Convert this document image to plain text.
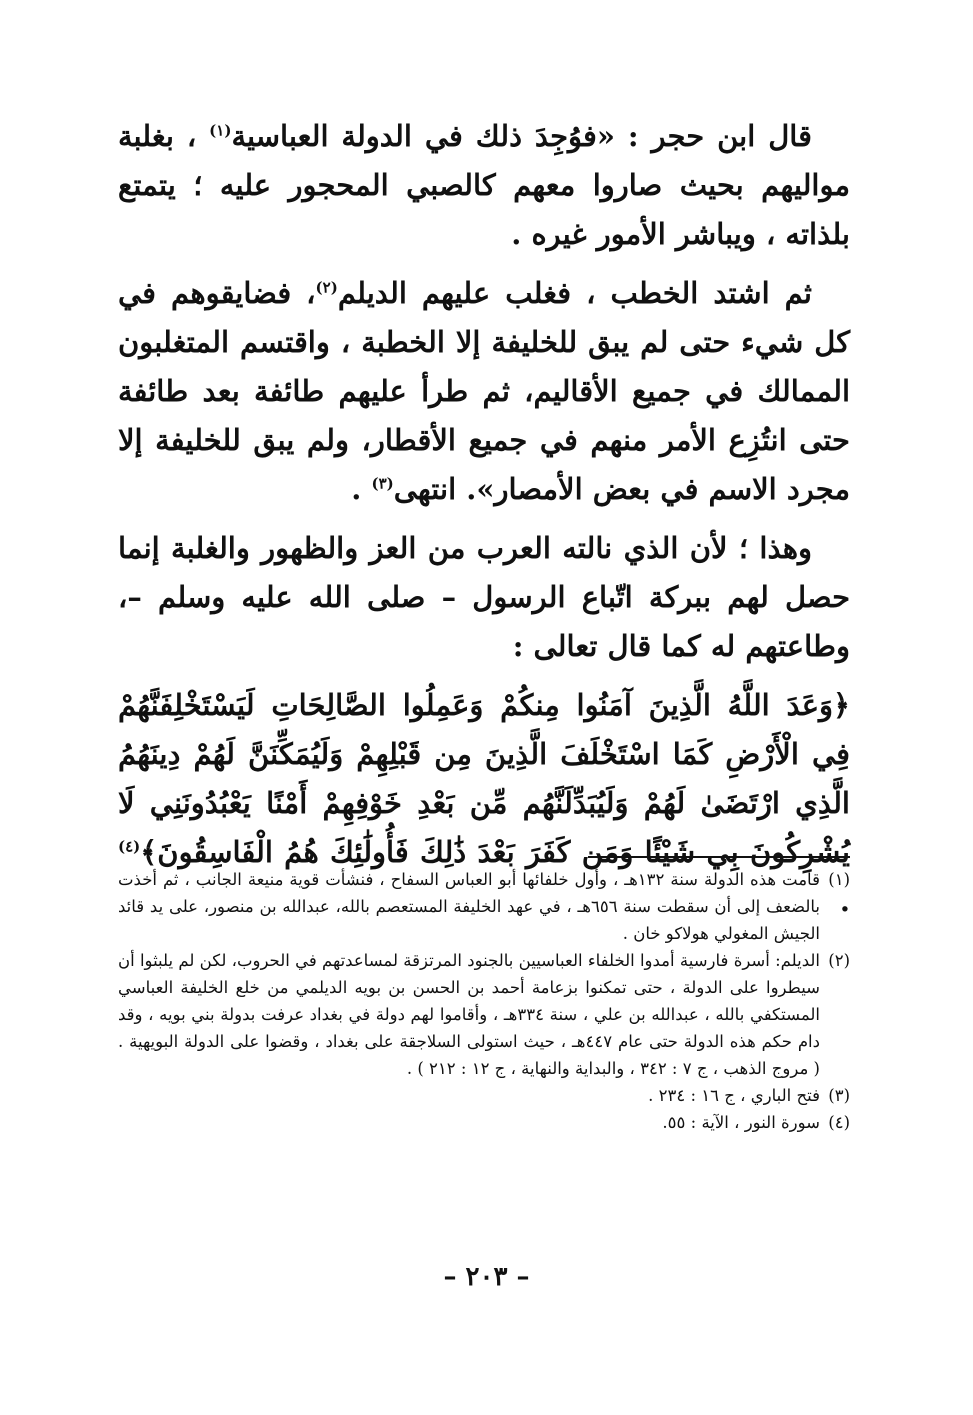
قال ابن حجر : «فوُجِدَ ذلك في الدولة العباسية$^{(١)}$ ، بغلبة مواليهم بحيث صاروا معهم كالصبي المحجور عليه ؛ يتمتع بلذاته ، ويباشر الأمور غيره .

ثم اشتد الخطب ، فغلب عليهم الديلم$^{(٢)}$، فضايقوهم في كل شيء حتى لم يبق للخليفة إلا الخطبة ، واقتسم المتغلبون الممالك في جميع الأقاليم، ثم طرأ عليهم طائفة بعد طائفة حتى انتُزِع الأمر منهم في جميع الأقطار، ولم يبق للخليفة إلا مجرد الاسم في بعض الأمصار». انتهى$^{(٣)}$ .

وهذا ؛ لأن الذي نالته العرب من العز والظهور والغلبة إنما حصل لهم ببركة اتّباع الرسول – صلى الله عليه وسلم –، وطاعتهم له كما قال تعالى :

﴿وَعَدَ اللَّهُ الَّذِينَ آمَنُوا مِنكُمْ وَعَمِلُوا الصَّالِحَاتِ لَيَسْتَخْلِفَنَّهُمْ فِي الْأَرْضِ كَمَا اسْتَخْلَفَ الَّذِينَ مِن قَبْلِهِمْ وَلَيُمَكِّنَنَّ لَهُمْ دِينَهُمُ الَّذِي ارْتَضَىٰ لَهُمْ وَلَيُبَدِّلَنَّهُم مِّن بَعْدِ خَوْفِهِمْ أَمْنًا يَعْبُدُونَنِي لَا يُشْرِكُونَ بِي شَيْئًا وَمَن كَفَرَ بَعْدَ ذَٰلِكَ فَأُولَٰئِكَ هُمُ الْفَاسِقُونَ﴾$^{(٤)}$ .

(١)
قامت هذه الدولة سنة ١٣٢هـ ، وأول خلفائها أبو العباس السفاح ، فنشأت قوية منيعة الجانب ، ثم أخذت بالضعف إلى أن سقطت سنة ٦٥٦هـ ، في عهد الخليفة المستعصم بالله، عبدالله بن منصور، على يد قائد الجيش المغولي هولاكو خان .

(٢)
الديلم: أسرة فارسية أمدوا الخلفاء العباسيين بالجنود المرتزقة لمساعدتهم في الحروب، لكن لم يلبثوا أن سيطروا على الدولة ، حتى تمكنوا بزعامة أحمد بن الحسن بن بويه الديلمي من خلع الخليفة العباسي المستكفي بالله ، عبدالله بن علي ، سنة ٣٣٤هـ ، وأقاموا لهم دولة في بغداد عرفت بدولة بني بويه ، وقد دام حكم هذه الدولة حتى عام ٤٤٧هـ ، حيث استولى السلاجقة على بغداد ، وقضوا على الدولة البويهية . ( مروج الذهب ، ج ٧ : ٣٤٢ ، والبداية والنهاية ، ج ١٢ : ٢١٢ ) .

(٣)
فتح الباري ، ج ١٦ : ٢٣٤ .

(٤)
سورة النور ، الآية : ٥٥.

– ٢٠٣ –
